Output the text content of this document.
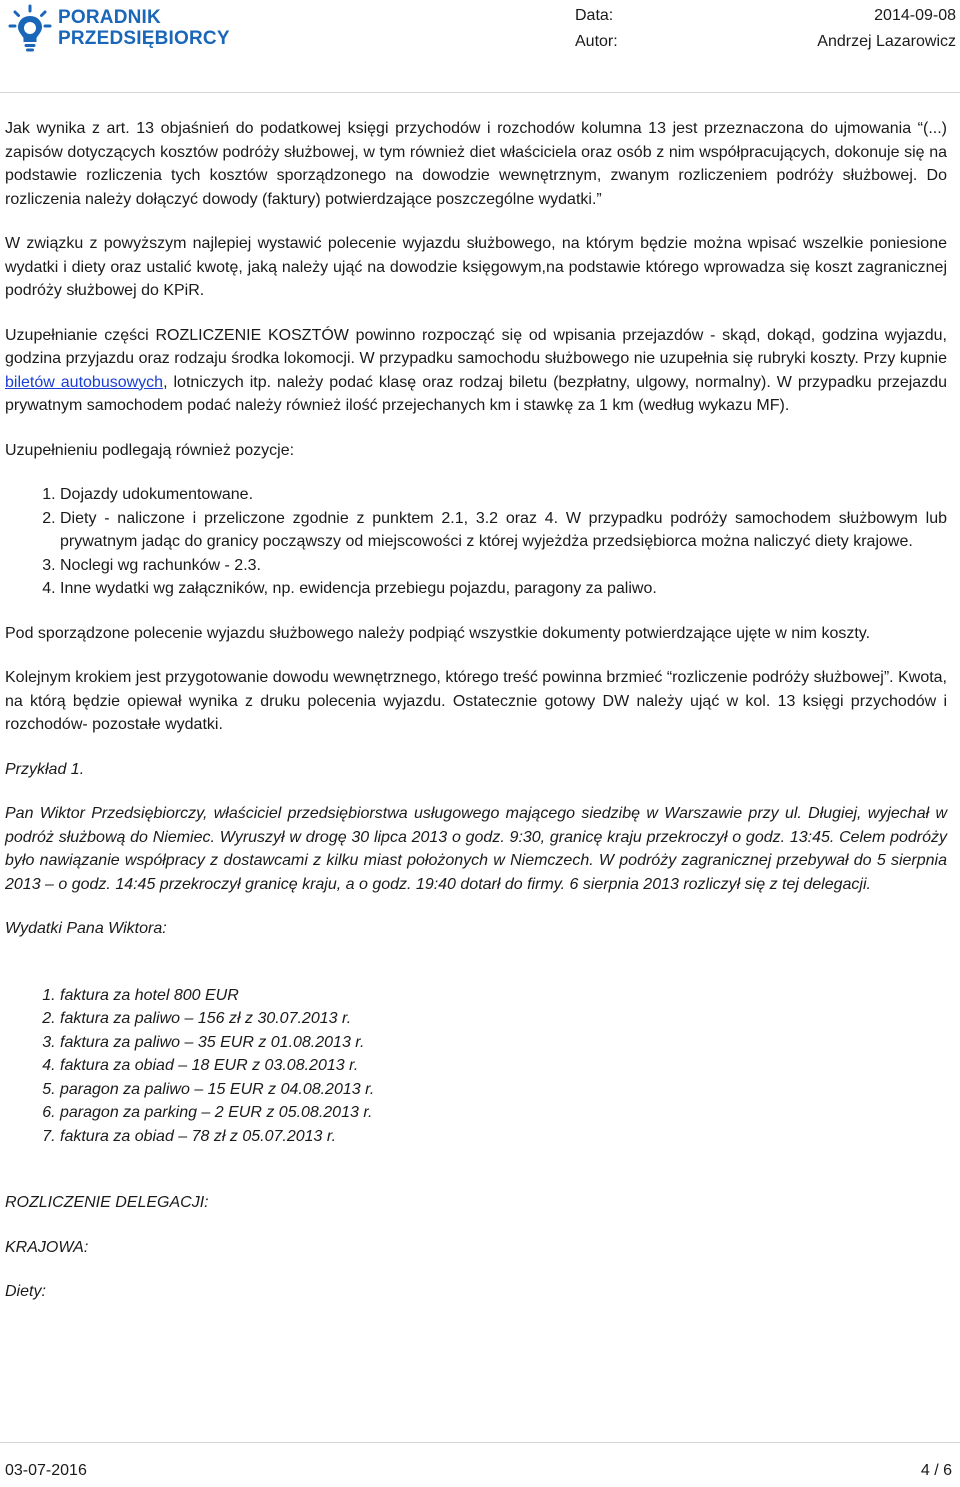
PORADNIK
PRZEDSIĘBIORCY
Data:	2014-09-08
Autor:	Andrzej Lazarowicz

Jak wynika z art. 13 objaśnień do podatkowej księgi przychodów i rozchodów kolumna 13 jest przeznaczona do ujmowania “(...) zapisów dotyczących kosztów podróży służbowej, w tym również diet właściciela oraz osób z nim współpracujących, dokonuje się na podstawie rozliczenia tych kosztów sporządzonego na dowodzie wewnętrznym, zwanym rozliczeniem podróży służbowej. Do rozliczenia należy dołączyć dowody (faktury) potwierdzające poszczególne wydatki.”

W związku z powyższym najlepiej wystawić polecenie wyjazdu służbowego, na którym będzie można wpisać wszelkie poniesione wydatki i diety oraz ustalić kwotę, jaką należy ująć na dowodzie księgowym,na podstawie którego wprowadza się koszt zagranicznej podróży służbowej do KPiR.

Uzupełnianie części ROZLICZENIE KOSZTÓW powinno rozpocząć się od wpisania przejazdów - skąd, dokąd, godzina wyjazdu, godzina przyjazdu oraz rodzaju środka lokomocji. W przypadku samochodu służbowego nie uzupełnia się rubryki koszty. Przy kupnie biletów autobusowych, lotniczych itp. należy podać klasę oraz rodzaj biletu (bezpłatny, ulgowy, normalny). W przypadku przejazdu prywatnym samochodem podać należy również ilość przejechanych km i stawkę za 1 km (według wykazu MF).

Uzupełnieniu podlegają również pozycje:

1. Dojazdy udokumentowane.
2. Diety - naliczone i przeliczone zgodnie z punktem 2.1, 3.2 oraz 4. W przypadku podróży samochodem służbowym lub prywatnym jadąc do granicy począwszy od miejscowości z której wyjeżdża przedsiębiorca można naliczyć diety krajowe.
3. Noclegi wg rachunków - 2.3.
4. Inne wydatki wg załączników, np. ewidencja przebiegu pojazdu, paragony za paliwo.

Pod sporządzone polecenie wyjazdu służbowego należy podpiąć wszystkie dokumenty potwierdzające ujęte w nim koszty.

Kolejnym krokiem jest przygotowanie dowodu wewnętrznego, którego treść powinna brzmieć “rozliczenie podróży służbowej”. Kwota, na którą będzie opiewał wynika z druku polecenia wyjazdu. Ostatecznie gotowy DW należy ująć w kol. 13 księgi przychodów i rozchodów- pozostałe wydatki.

Przykład 1.

Pan Wiktor Przedsiębiorczy, właściciel przedsiębiorstwa usługowego mającego siedzibę w Warszawie przy ul. Długiej, wyjechał w podróż służbową do Niemiec. Wyruszył w drogę 30 lipca 2013 o godz. 9:30, granicę kraju przekroczył o godz. 13:45. Celem podróży było nawiązanie współpracy z dostawcami z kilku miast położonych w Niemczech. W podróży zagranicznej przebywał do 5 sierpnia 2013 – o godz. 14:45 przekroczył granicę kraju, a o godz. 19:40 dotarł do firmy. 6 sierpnia 2013 rozliczył się z tej delegacji.

Wydatki Pana Wiktora:

1. faktura za hotel 800 EUR
2. faktura za paliwo – 156 zł z 30.07.2013 r.
3. faktura za paliwo – 35 EUR z 01.08.2013 r.
4. faktura za obiad – 18 EUR z 03.08.2013 r.
5. paragon za paliwo – 15 EUR z 04.08.2013 r.
6. paragon za parking – 2 EUR z 05.08.2013 r.
7. faktura za obiad – 78 zł z 05.07.2013 r.

ROZLICZENIE DELEGACJI:

KRAJOWA:

Diety:

03-07-2016	4 / 6
